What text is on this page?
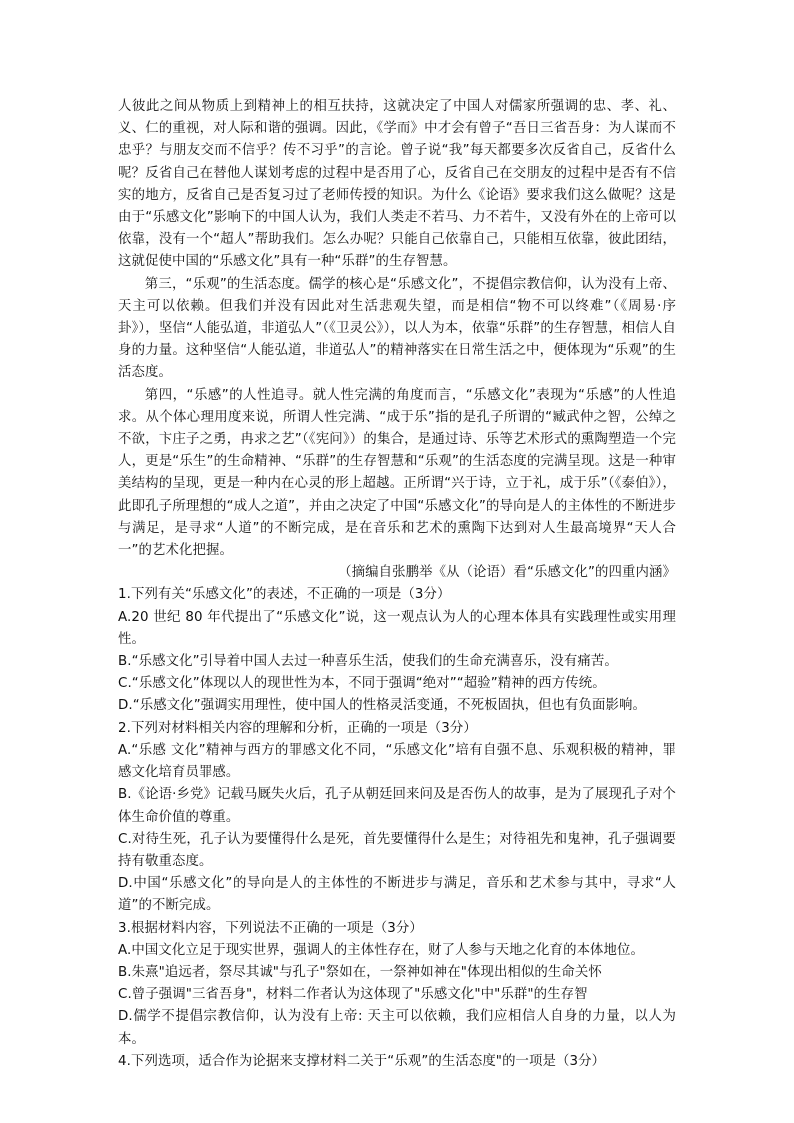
人彼此之间从物质上到精神上的相互扶持，这就决定了中国人对儒家所强调的忠、孝、礼、义、仁的重视，对人际和谐的强调。因此，《学而》中才会有曾子“吾日三省吾身：为人谋而不忠乎？与朋友交而不信乎？传不习乎”的言论。曾子说“我”每天都要多次反省自己，反省什么呢？反省自己在替他人谋划考虑的过程中是否用了心，反省自己在交朋友的过程中是否有不信实的地方，反省自己是否复习过了老师传授的知识。为什么《论语》要求我们这么做呢？这是由于“乐感文化”影响下的中国人认为，我们人类走不若马、力不若牛，又没有外在的上帝可以依靠，没有一个“超人”帮助我们。怎么办呢？只能自己依靠自己，只能相互依靠，彼此团结，这就促使中国的“乐感文化”具有一种“乐群”的生存智慧。

第三，“乐观”的生活态度。儒学的核心是“乐感文化”，不提倡宗教信仰，认为没有上帝、天主可以依赖。但我们并没有因此对生活悲观失望，而是相信“物不可以终难”（《周易·序卦》），坚信“人能弘道，非道弘人”（《卫灵公》），以人为本，依靠“乐群”的生存智慧，相信人自身的力量。这种坚信“人能弘道，非道弘人”的精神落实在日常生活之中，便体现为“乐观”的生活态度。

第四，“乐感”的人性追寻。就人性完满的角度而言，“乐感文化”表现为“乐感”的人性追求。从个体心理用度来说，所谓人性完满、“成于乐”指的是孔子所谓的“臧武仲之智，公绰之不欲，卞庄子之勇，冉求之艺”（《宪问》）的集合，是通过诗、乐等艺术形式的熏陶塑造一个完人，更是“乐生”的生命精神、“乐群”的生存智慧和“乐观”的生活态度的完满呈现。这是一种审美结构的呈现，更是一种内在心灵的形上超越。正所谓“兴于诗，立于礼，成于乐”（《泰伯》），此即孔子所理想的“成人之道”，并由之决定了中国“乐感文化”的导向是人的主体性的不断进步与满足，是寻求“人道”的不断完成，是在音乐和艺术的熏陶下达到对人生最高境界“天人合一”的艺术化把握。

（摘编自张鹏举《从（论语）看“乐感文化”的四重内涵》

1.下列有关“乐感文化”的表述，不正确的一项是（3分）

A.20 世纪 80 年代提出了“乐感文化”说，这一观点认为人的心理本体具有实践理性或实用理性。

B.“乐感文化”引导着中国人去过一种喜乐生活，使我们的生命充满喜乐，没有痛苦。

C.“乐感文化”体现以人的现世性为本，不同于强调“绝对”“超验”精神的西方传统。

D.“乐感文化”强调实用理性，使中国人的性格灵活变通，不死板固执，但也有负面影响。

2.下列对材料相关内容的理解和分析，正确的一项是（3分）

A.“乐感 文化”精神与西方的罪感文化不同，“乐感文化”培有自强不息、乐观积极的精神，罪感文化培育员罪感。

B.《论语·乡党》记载马厩失火后，孔子从朝廷回来问及是否伤人的故事，是为了展现孔子对个体生命价值的尊重。

C.对待生死，孔子认为要懂得什么是死，首先要懂得什么是生；对待祖先和鬼神，孔子强调要持有敬重态度。

D.中国“乐感文化”的导向是人的主体性的不断进步与满足，音乐和艺术参与其中，寻求“人道”的不断完成。

3.根据材料内容，下列说法不正确的一项是（3分）

A.中国文化立足于现实世界，强调人的主体性存在，财了人参与天地之化育的本体地位。

B.朱熹"追远者，祭尽其诚"与孔子"祭如在，一祭神如神在"体现出相似的生命关怀

C.曾子强调"三省吾身"，材料二作者认为这体现了"乐感文化"中"乐群"的生存智

D.儒学不提倡宗教信仰，认为没有上帝: 天主可以依赖，我们应相信人自身的力量，以人为本。

4.下列选项，适合作为论据来支撑材料二关于“乐观”的生活态度"的一项是（3分）
